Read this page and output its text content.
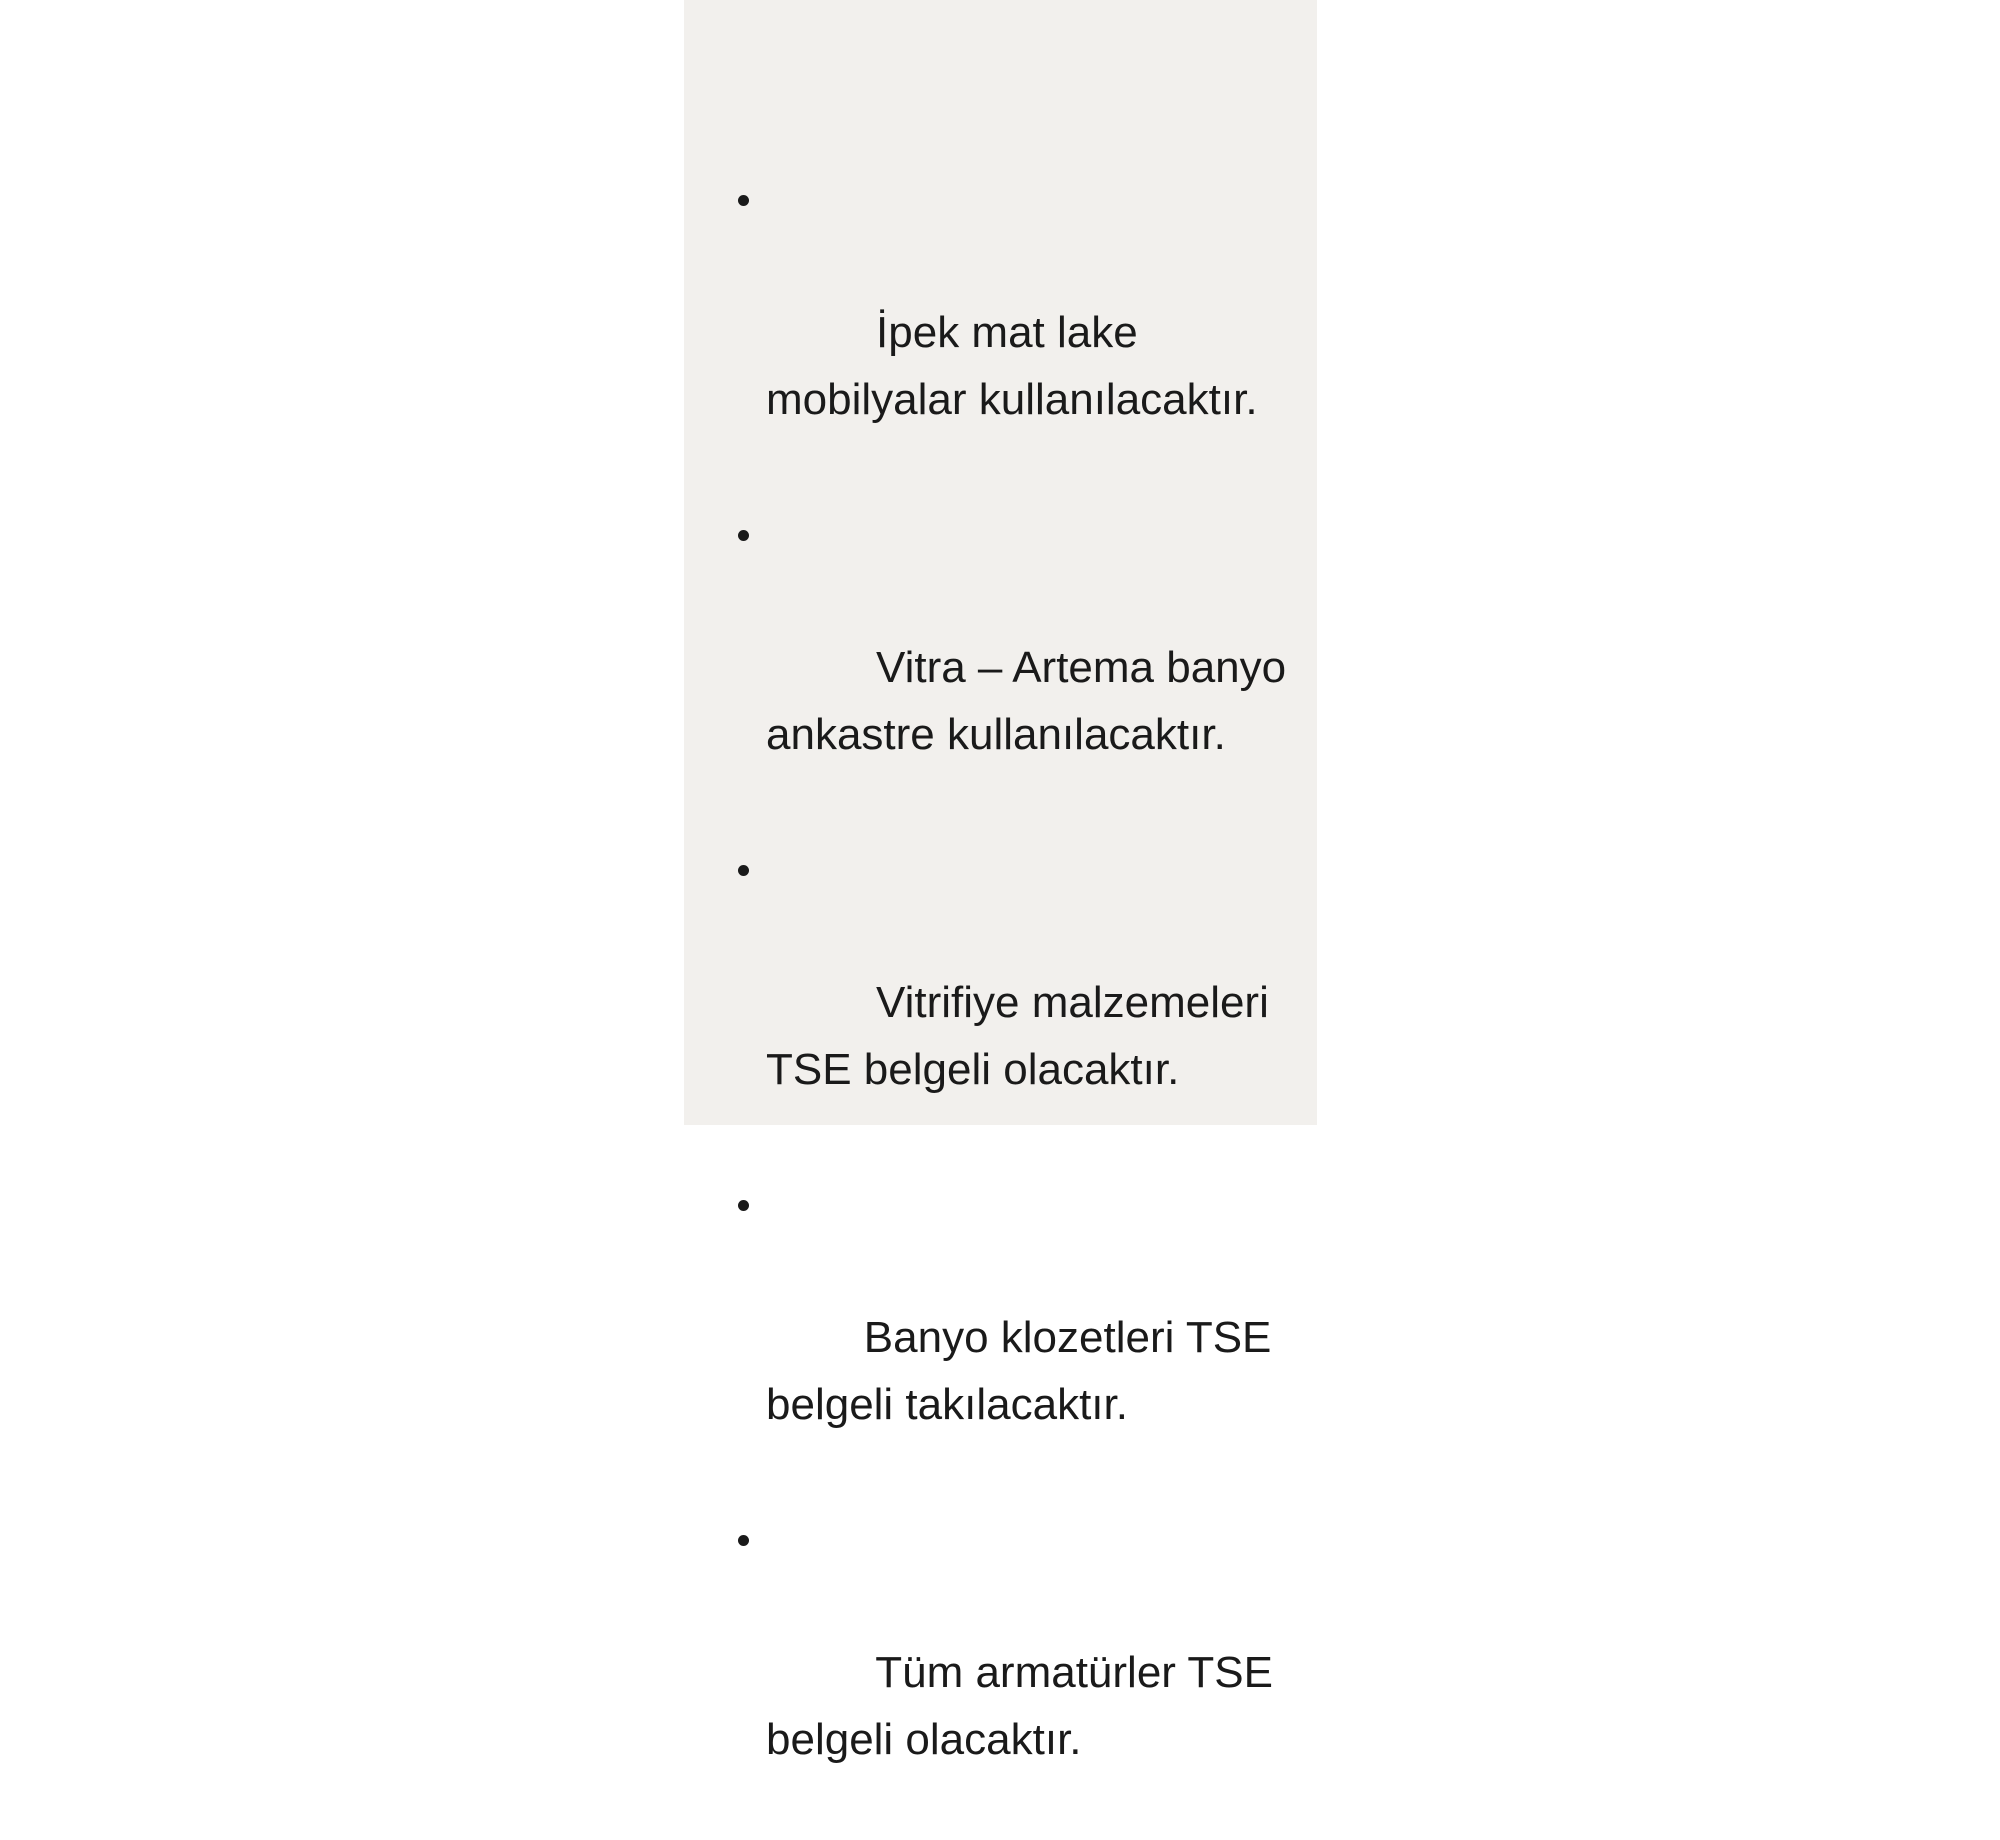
İpek mat lake mobilyalar kullanılacaktır.

Vitra – Artema banyo ankastre kullanılacaktır.

Vitrifiye malzemeleri TSE belgeli olacaktır.

Banyo klozetleri TSE belgeli takılacaktır.

Tüm armatürler TSE belgeli olacaktır.
